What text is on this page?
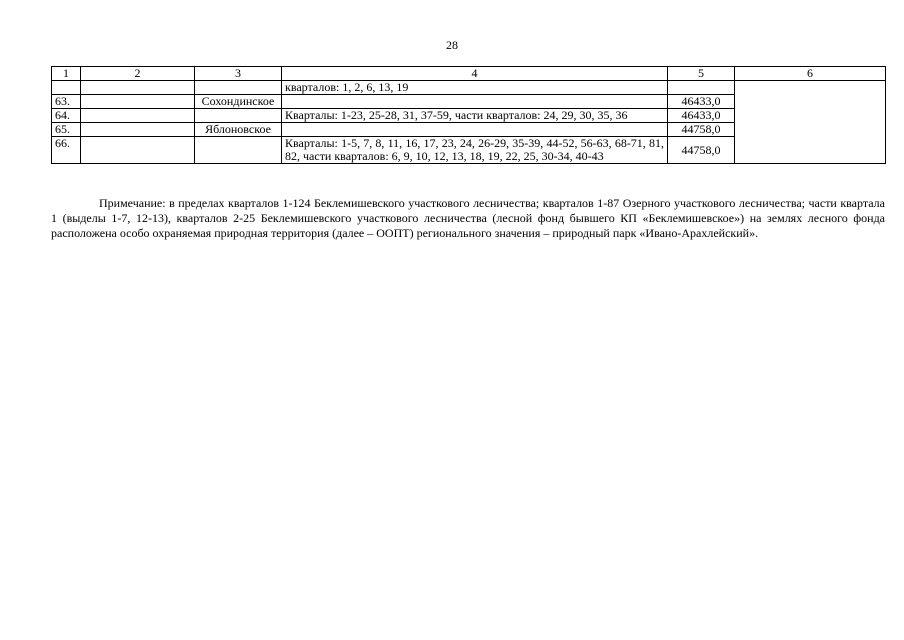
28
1	2	3	4	5	6
			кварталов: 1, 2, 6, 13, 19		
63.		Сохондинское		46433,0	
64.			Кварталы: 1-23, 25-28, 31, 37-59, части кварталов: 24, 29, 30, 35, 36	46433,0	
65.		Яблоновское		44758,0	
66.			Кварталы: 1-5, 7, 8, 11, 16, 17, 23, 24, 26-29, 35-39, 44-52, 56-63, 68-71, 81, 82, части кварталов: 6, 9, 10, 12, 13, 18, 19, 22, 25, 30-34, 40-43	44758,0	

Примечание: в пределах кварталов 1-124 Беклемишевского участкового лесничества; кварталов 1-87 Озерного участкового лесничества; части квартала 1 (выделы 1-7, 12-13), кварталов 2-25 Беклемишевского участкового лесничества (лесной фонд бывшего КП «Беклемишевское») на землях лесного фонда расположена особо охраняемая природная территория (далее – ООПТ) регионального значения – природный парк «Ивано-Арахлейский».
